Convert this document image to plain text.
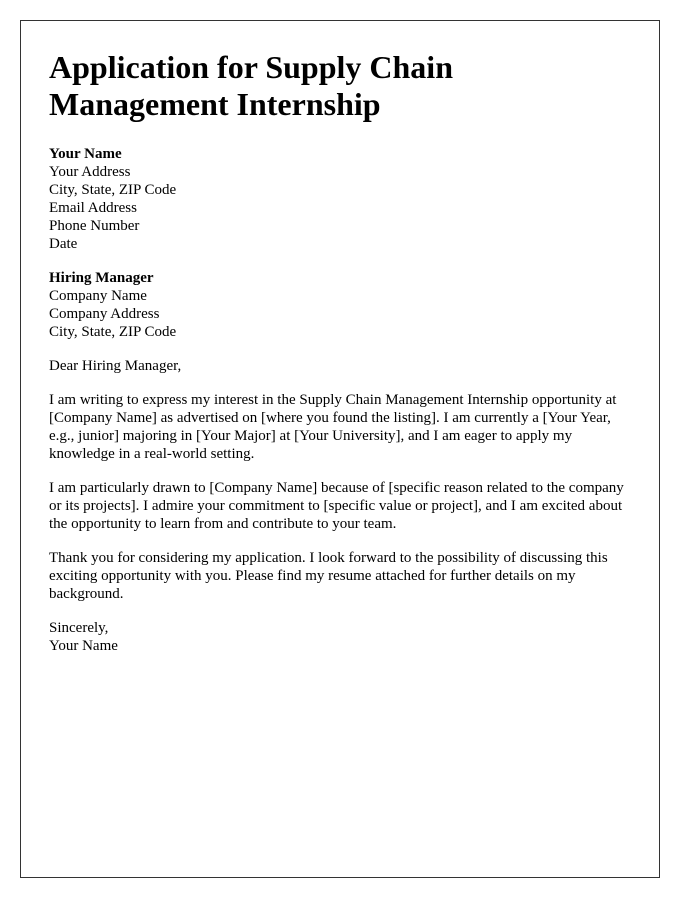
Application for Supply Chain Management Internship
Your Name
Your Address
City, State, ZIP Code
Email Address
Phone Number
Date
Hiring Manager
Company Name
Company Address
City, State, ZIP Code

Dear Hiring Manager,

I am writing to express my interest in the Supply Chain Management Internship opportunity at [Company Name] as advertised on [where you found the listing]. I am currently a [Your Year, e.g., junior] majoring in [Your Major] at [Your University], and I am eager to apply my knowledge in a real-world setting.

I am particularly drawn to [Company Name] because of [specific reason related to the company or its projects]. I admire your commitment to [specific value or project], and I am excited about the opportunity to learn from and contribute to your team.

Thank you for considering my application. I look forward to the possibility of discussing this exciting opportunity with you. Please find my resume attached for further details on my background.

Sincerely,
Your Name
